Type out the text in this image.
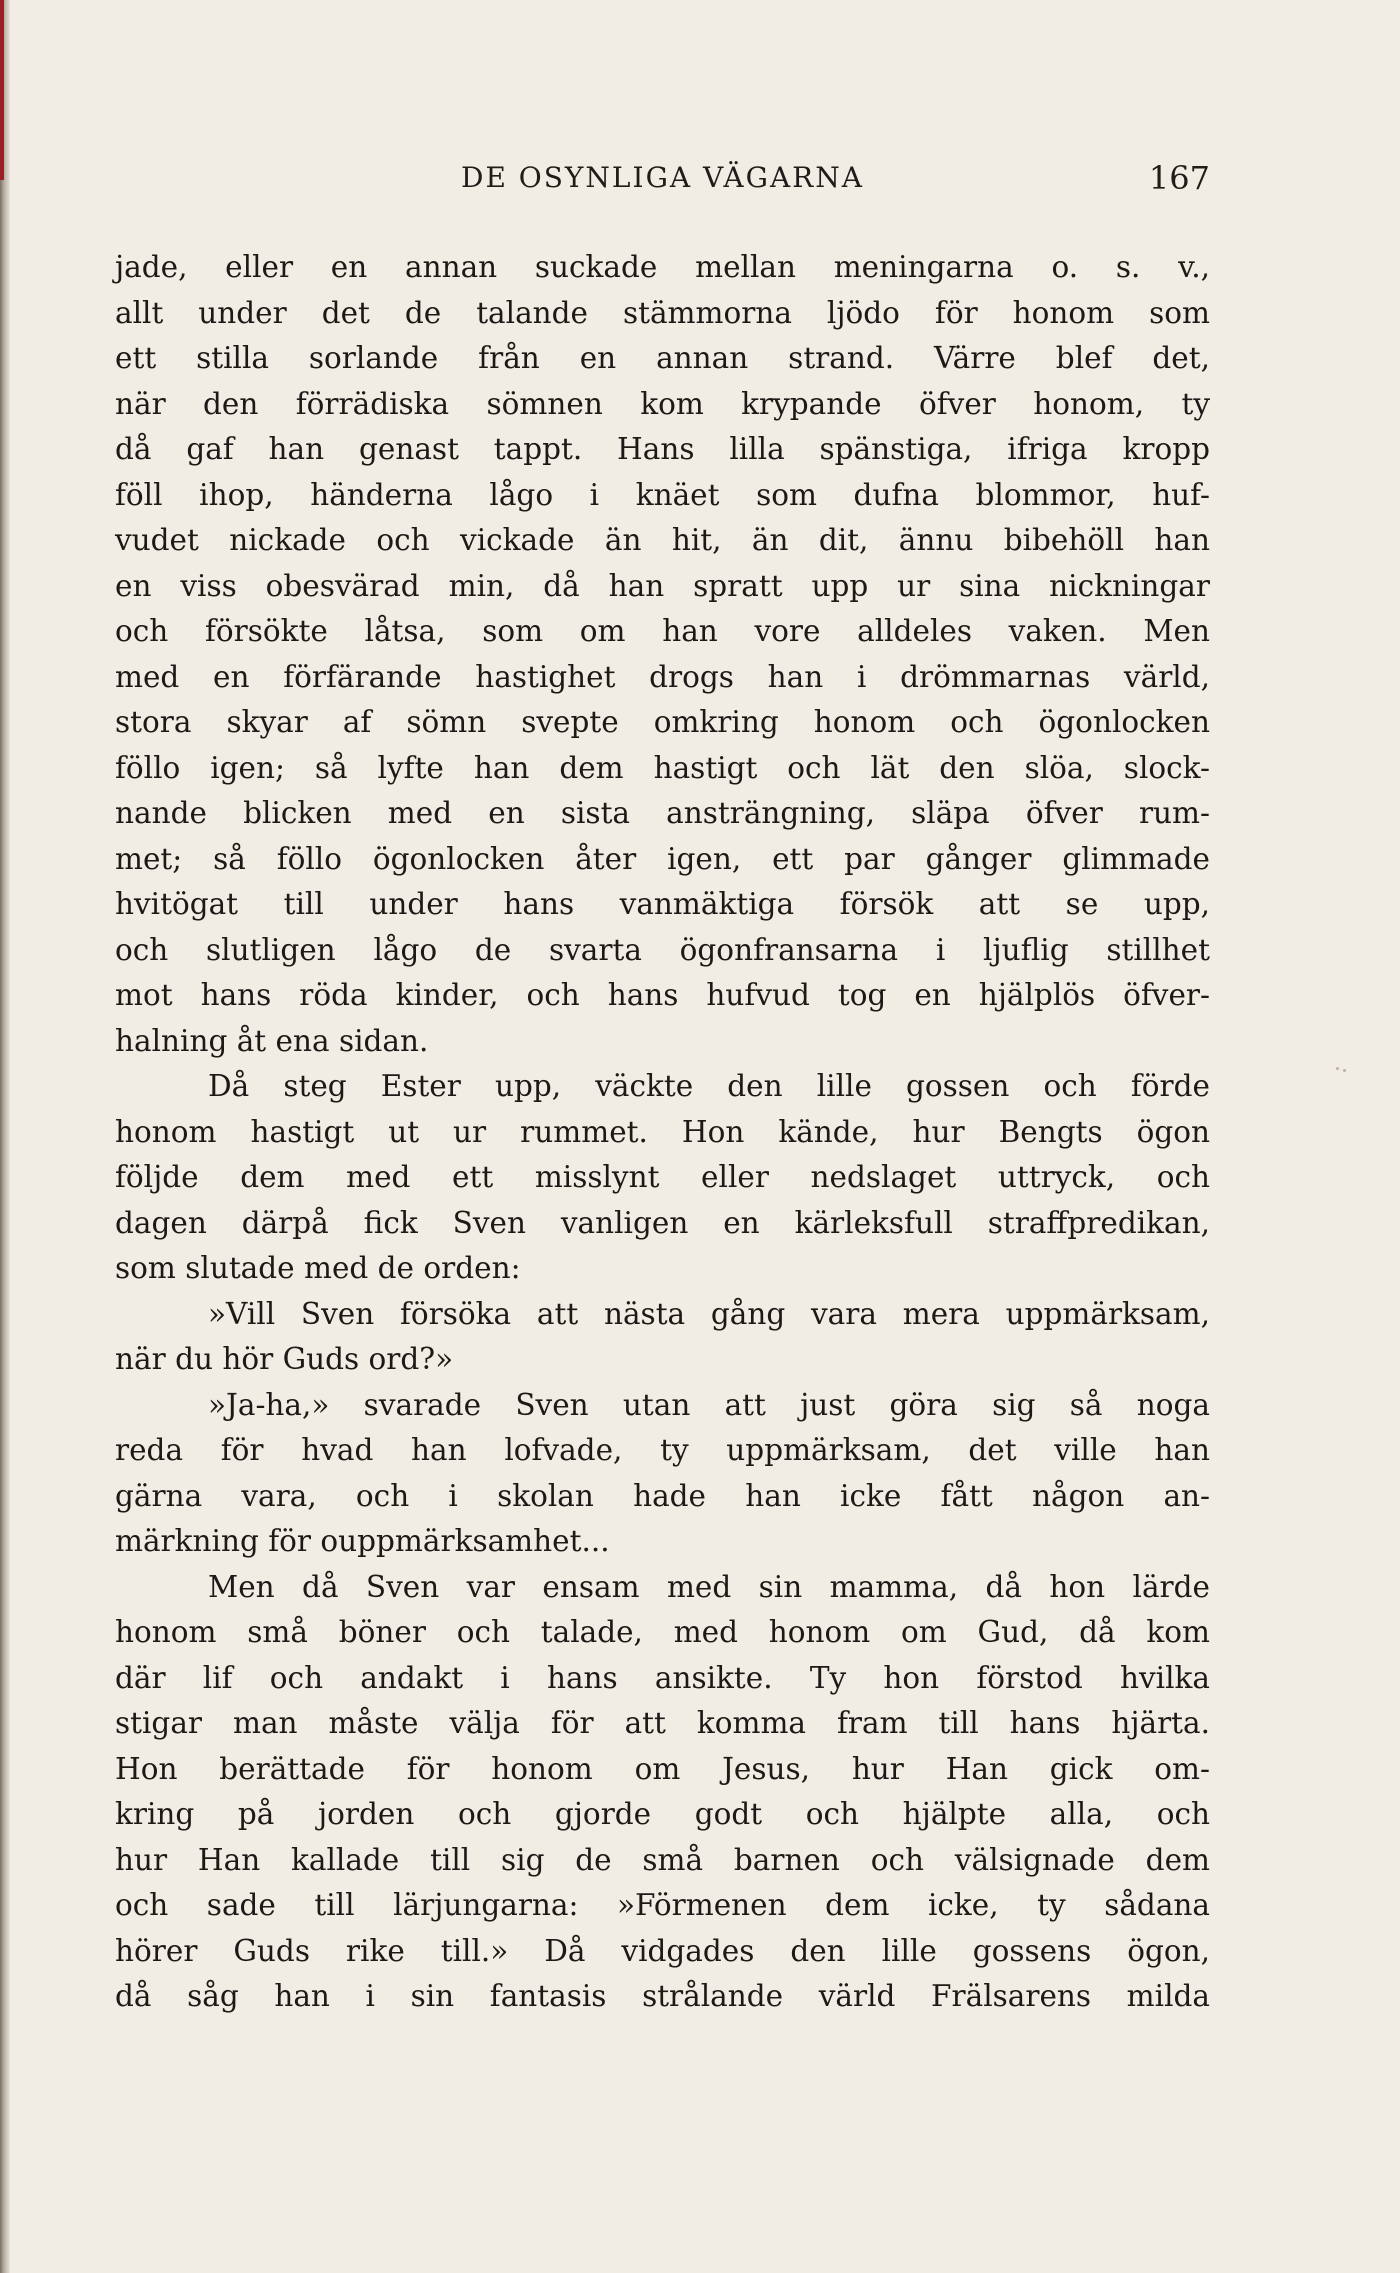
DE OSYNLIGA VÄGARNA	167
jade, eller en annan suckade mellan meningarna o. s. v.,
allt under det de talande stämmorna ljödo för honom som
ett stilla sorlande från en annan strand. Värre blef det,
när den förrädiska sömnen kom krypande öfver honom, ty
då gaf han genast tappt. Hans lilla spänstiga, ifriga kropp
föll ihop, händerna lågo i knäet som dufna blommor, huf-
vudet nickade och vickade än hit, än dit, ännu bibehöll han
en viss obesvärad min, då han spratt upp ur sina nickningar
och försökte låtsa, som om han vore alldeles vaken. Men
med en förfärande hastighet drogs han i drömmarnas värld,
stora skyar af sömn svepte omkring honom och ögonlocken
föllo igen; så lyfte han dem hastigt och lät den slöa, slock-
nande blicken med en sista ansträngning, släpa öfver rum-
met; så föllo ögonlocken åter igen, ett par gånger glimmade
hvitögat till under hans vanmäktiga försök att se upp,
och slutligen lågo de svarta ögonfransarna i ljuflig stillhet
mot hans röda kinder, och hans hufvud tog en hjälplös öfver-
halning åt ena sidan.
Då steg Ester upp, väckte den lille gossen och förde
honom hastigt ut ur rummet. Hon kände, hur Bengts ögon
följde dem med ett misslynt eller nedslaget uttryck, och
dagen därpå fick Sven vanligen en kärleksfull straffpredikan,
som slutade med de orden:
»Vill Sven försöka att nästa gång vara mera uppmärksam,
när du hör Guds ord?»
»Ja-ha,» svarade Sven utan att just göra sig så noga
reda för hvad han lofvade, ty uppmärksam, det ville han
gärna vara, och i skolan hade han icke fått någon an-
märkning för ouppmärksamhet...
Men då Sven var ensam med sin mamma, då hon lärde
honom små böner och talade, med honom om Gud, då kom
där lif och andakt i hans ansikte. Ty hon förstod hvilka
stigar man måste välja för att komma fram till hans hjärta.
Hon berättade för honom om Jesus, hur Han gick om-
kring på jorden och gjorde godt och hjälpte alla, och
hur Han kallade till sig de små barnen och välsignade dem
och sade till lärjungarna: »Förmenen dem icke, ty sådana
hörer Guds rike till.» Då vidgades den lille gossens ögon,
då såg han i sin fantasis strålande värld Frälsarens milda
